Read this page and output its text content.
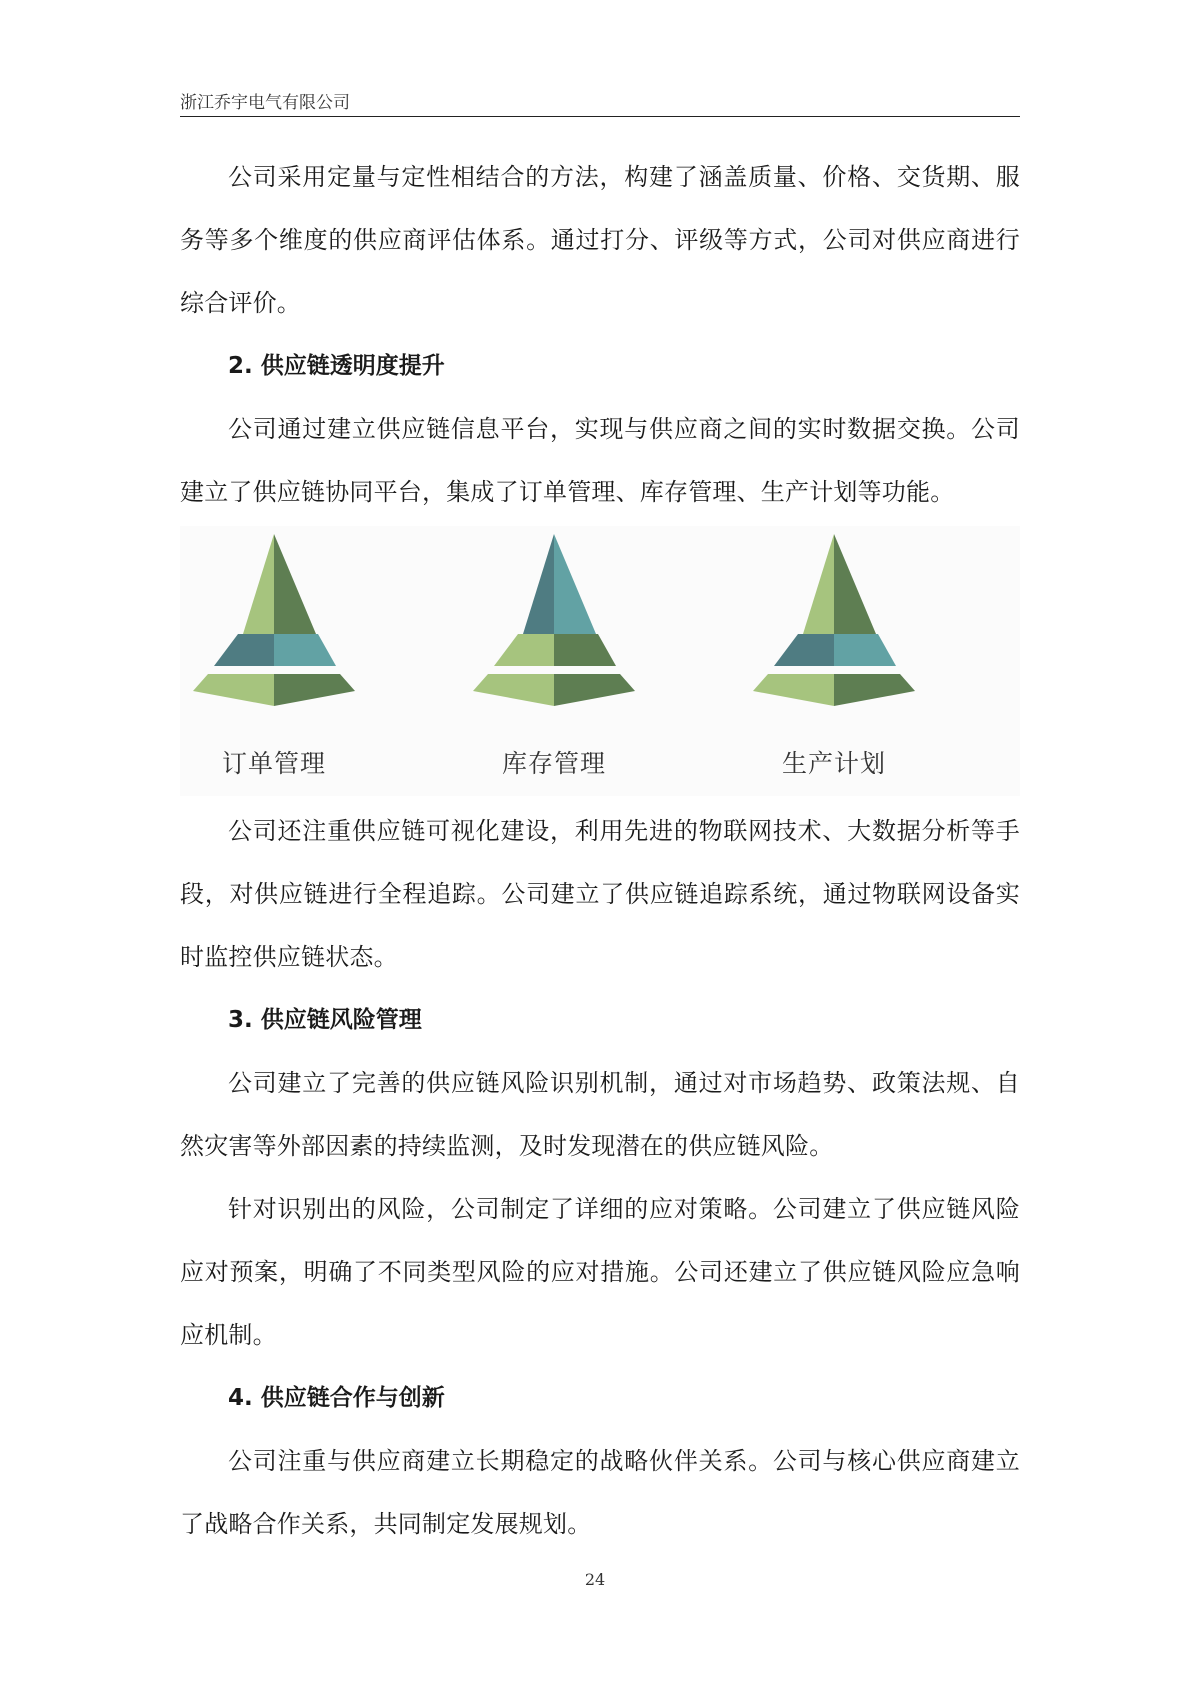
浙江乔宇电气有限公司

公司采用定量与定性相结合的方法，构建了涵盖质量、价格、交货期、服务等多个维度的供应商评估体系。通过打分、评级等方式，公司对供应商进行综合评价。

2. 供应链透明度提升

公司通过建立供应链信息平台，实现与供应商之间的实时数据交换。公司建立了供应链协同平台，集成了订单管理、库存管理、生产计划等功能。

订单管理	库存管理	生产计划

公司还注重供应链可视化建设，利用先进的物联网技术、大数据分析等手段，对供应链进行全程追踪。公司建立了供应链追踪系统，通过物联网设备实时监控供应链状态。

3. 供应链风险管理

公司建立了完善的供应链风险识别机制，通过对市场趋势、政策法规、自然灾害等外部因素的持续监测，及时发现潜在的供应链风险。

针对识别出的风险，公司制定了详细的应对策略。公司建立了供应链风险应对预案，明确了不同类型风险的应对措施。公司还建立了供应链风险应急响应机制。

4. 供应链合作与创新

公司注重与供应商建立长期稳定的战略伙伴关系。公司与核心供应商建立了战略合作关系，共同制定发展规划。

24
